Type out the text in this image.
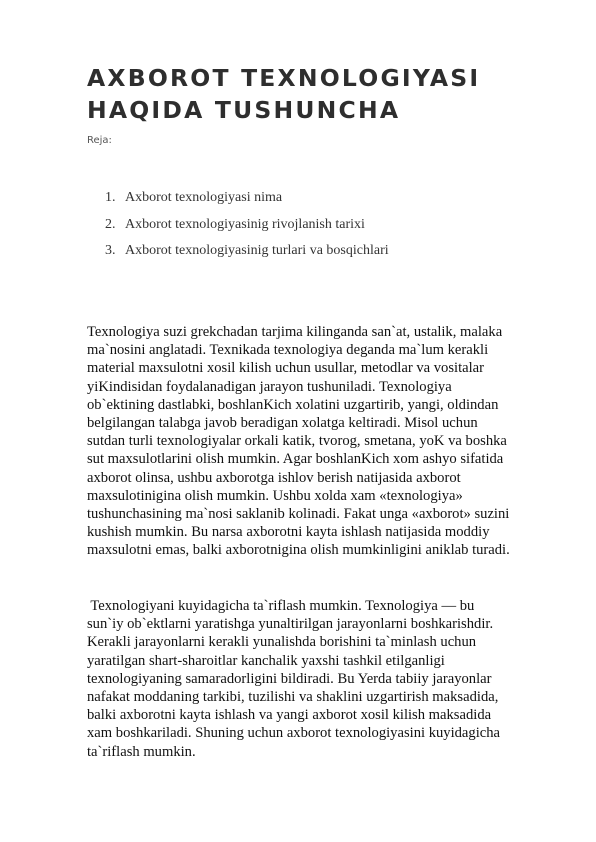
AXBOROT TEXNOLOGIYASI
HAQIDA TUSHUNCHA
Reja:
1. Axborot texnologiyasi nima
2. Axborot texnologiyasinig rivojlanish tarixi
3. Axborot texnologiyasinig turlari va bosqichlari

Texnologiya suzi grekchadan tarjima kilinganda san`at, ustalik, malaka
ma`nosini anglatadi. Texnikada texnologiya deganda ma`lum kerakli
material maxsulotni xosil kilish uchun usullar, metodlar va vositalar
yiKindisidan foydalanadigan jarayon tushuniladi. Texnologiya
ob`ektining dastlabki, boshlanKich xolatini uzgartirib, yangi, oldindan
belgilangan talabga javob beradigan xolatga keltiradi. Misol uchun
sutdan turli texnologiyalar orkali katik, tvorog, smetana, yoK va boshka
sut maxsulotlarini olish mumkin. Agar boshlanKich xom ashyo sifatida
axborot olinsa, ushbu axborotga ishlov berish natijasida axborot
maxsulotinigina olish mumkin. Ushbu xolda xam «texnologiya»
tushunchasining ma`nosi saklanib kolinadi. Fakat unga «axborot» suzini
kushish mumkin. Bu narsa axborotni kayta ishlash natijasida moddiy
maxsulotni emas, balki axborotnigina olish mumkinligini aniklab turadi.

Texnologiyani kuyidagicha ta`riflash mumkin. Texnologiya — bu
sun`iy ob`ektlarni yaratishga yunaltirilgan jarayonlarni boshkarishdir.
Kerakli jarayonlarni kerakli yunalishda borishini ta`minlash uchun
yaratilgan shart-sharoitlar kanchalik yaxshi tashkil etilganligi
texnologiyaning samaradorligini bildiradi. Bu Yerda tabiiy jarayonlar
nafakat moddaning tarkibi, tuzilishi va shaklini uzgartirish maksadida,
balki axborotni kayta ishlash va yangi axborot xosil kilish maksadida
xam boshkariladi. Shuning uchun axborot texnologiyasini kuyidagicha
ta`riflash mumkin.
